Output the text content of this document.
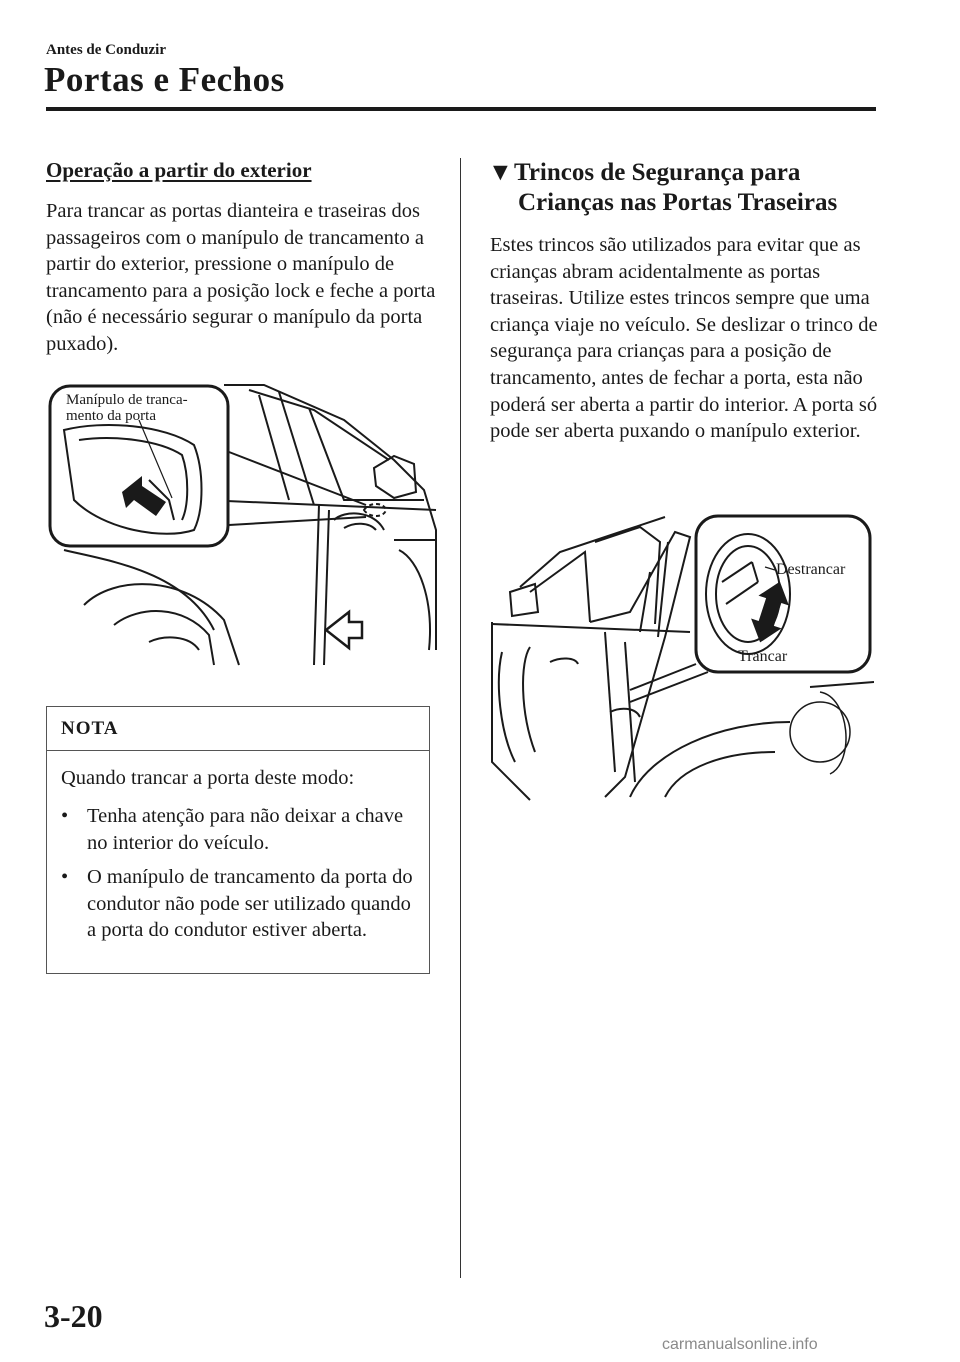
Antes de Conduzir
Portas e Fechos
Operação a partir do exterior
Para trancar as portas dianteira e traseiras dos passageiros com o manípulo de trancamento a partir do exterior, pressione o manípulo de trancamento para a posição lock e feche a porta (não é necessário segurar o manípulo da porta puxado).
Manípulo de tranca-
mento da porta
NOTA
Quando trancar a porta deste modo:
• Tenha atenção para não deixar a chave no interior do veículo.
• O manípulo de trancamento da porta do condutor não pode ser utilizado quando a porta do condutor estiver aberta.
▼Trincos de Segurança para
Crianças nas Portas Traseiras
Estes trincos são utilizados para evitar que as crianças abram acidentalmente as portas traseiras. Utilize estes trincos sempre que uma criança viaje no veículo. Se deslizar o trinco de segurança para crianças para a posição de trancamento, antes de fechar a porta, esta não poderá ser aberta a partir do interior. A porta só pode ser aberta puxando o manípulo exterior.
Destrancar
Trancar
3-20
carmanualsonline.info
